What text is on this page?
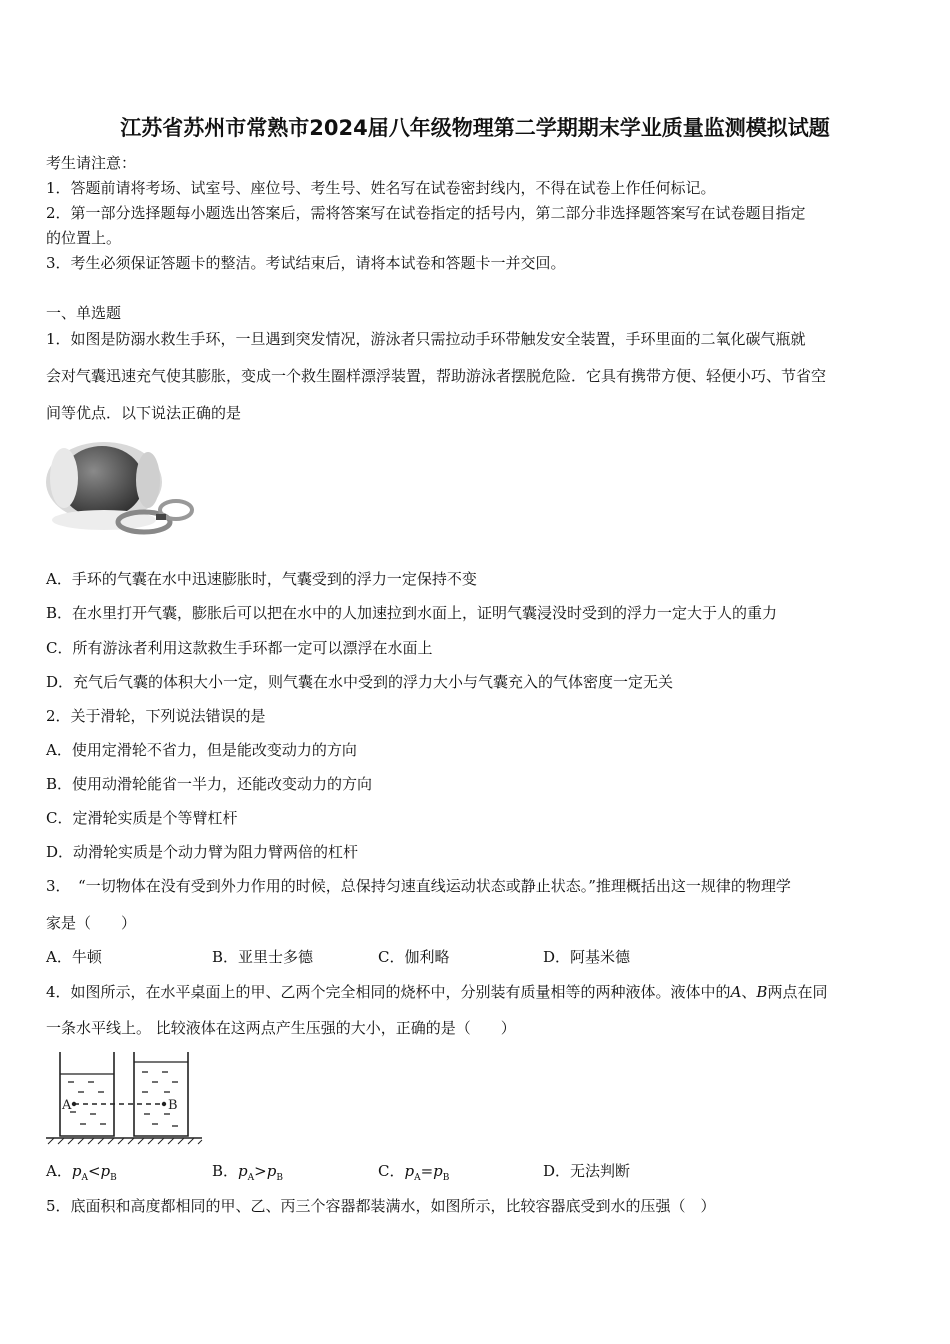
江苏省苏州市常熟市2024届八年级物理第二学期期末学业质量监测模拟试题
考生请注意：
1．答题前请将考场、试室号、座位号、考生号、姓名写在试卷密封线内，不得在试卷上作任何标记。
2．第一部分选择题每小题选出答案后，需将答案写在试卷指定的括号内，第二部分非选择题答案写在试卷题目指定
的位置上。
3．考生必须保证答题卡的整洁。考试结束后，请将本试卷和答题卡一并交回。
一、单选题
1．如图是防溺水救生手环，一旦遇到突发情况，游泳者只需拉动手环带触发安全装置，手环里面的二氧化碳气瓶就
会对气囊迅速充气使其膨胀，变成一个救生圈样漂浮装置，帮助游泳者摆脱危险．它具有携带方便、轻便小巧、节省空
间等优点．以下说法正确的是
A．手环的气囊在水中迅速膨胀时，气囊受到的浮力一定保持不变
B．在水里打开气囊，膨胀后可以把在水中的人加速拉到水面上，证明气囊浸没时受到的浮力一定大于人的重力
C．所有游泳者利用这款救生手环都一定可以漂浮在水面上
D．充气后气囊的体积大小一定，则气囊在水中受到的浮力大小与气囊充入的气体密度一定无关
2．关于滑轮，下列说法错误的是
A．使用定滑轮不省力，但是能改变动力的方向
B．使用动滑轮能省一半力，还能改变动力的方向
C．定滑轮实质是个等臂杠杆
D．动滑轮实质是个动力臂为阻力臂两倍的杠杆
3．　“一切物体在没有受到外力作用的时候，总保持匀速直线运动状态或静止状态。”推理概括出这一规律的物理学
家是（　　）
A．牛顿	B．亚里士多德	C．伽利略	D．阿基米德
4．如图所示，在水平桌面上的甲、乙两个完全相同的烧杯中，分别装有质量相等的两种液体。液体中的A、B两点在同
一条水平线上。 比较液体在这两点产生压强的大小，正确的是（　　）
A	B
A．$p_A<p_B$	B．$p_A>p_B$	C．$p_A=p_B$	D．无法判断
5．底面积和高度都相同的甲、乙、丙三个容器都装满水，如图所示，比较容器底受到水的压强（　）
